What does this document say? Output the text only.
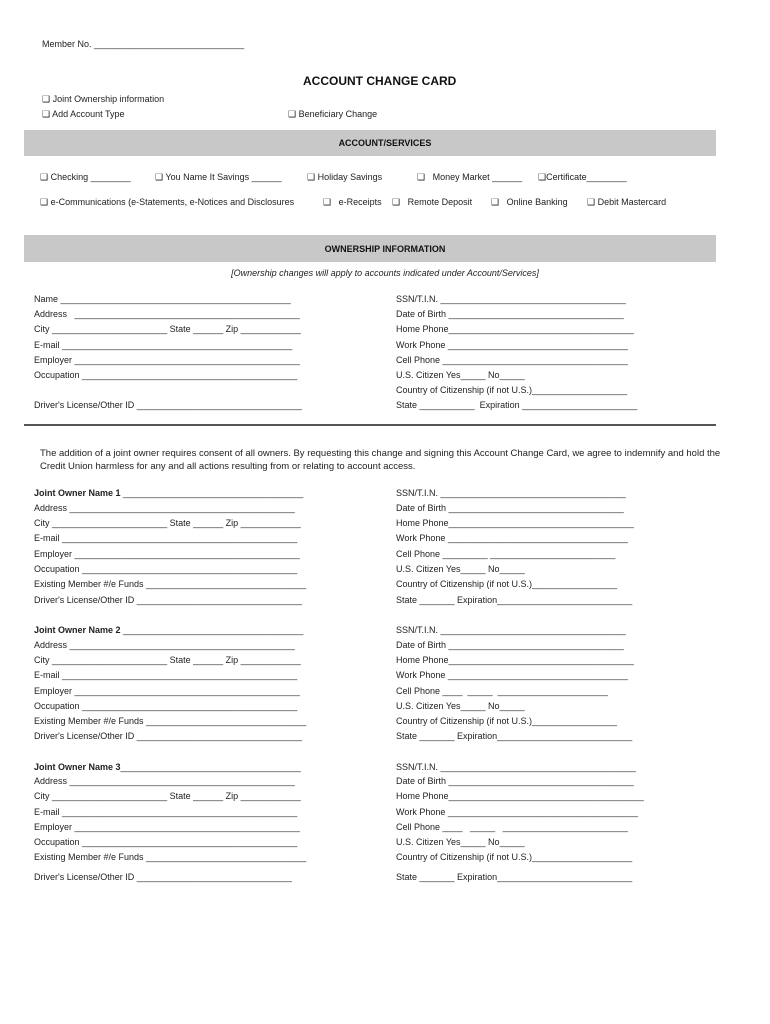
Member No. ______________________________
ACCOUNT CHANGE CARD
❑ Joint Ownership information
❑ Add Account Type	❑ Beneficiary Change
ACCOUNT/SERVICES
❑ Checking ________	❑ You Name It Savings ______	❑ Holiday Savings	❑   Money Market ______ ❑Certificate________
❑ e-Communications (e-Statements, e-Notices and Disclosures	❑   e-Receipts ❑   Remote Deposit ❑   Online Banking ❑ Debit Mastercard
OWNERSHIP INFORMATION
[Ownership changes will apply to accounts indicated under Account/Services]
Name ______________________________________________
Address   _____________________________________________
City _______________________ State ______ Zip ____________
E-mail ______________________________________________
Employer _____________________________________________
Occupation ___________________________________________
Driver's License/Other ID _________________________________
SSN/T.I.N. _____________________________________
Date of Birth ___________________________________
Home Phone_____________________________________
Work Phone ____________________________________
Cell Phone _____________________________________
U.S. Citizen Yes_____ No_____
Country of Citizenship (if not U.S.)___________________
State ___________  Expiration _______________________
The addition of a joint owner requires consent of all owners. By requesting this change and signing this Account Change Card, we agree to indemnify and hold the Credit Union harmless for any and all actions resulting from or relating to account access.
Joint Owner Name 1 ____________________________________
Address _____________________________________________
City _______________________ State ______ Zip ____________
E-mail _______________________________________________
Employer _____________________________________________
Occupation ___________________________________________
Existing Member #/e Funds ________________________________
Driver's License/Other ID _________________________________
SSN/T.I.N. _____________________________________
Date of Birth ___________________________________
Home Phone_____________________________________
Work Phone ____________________________________
Cell Phone _________ _________________________
U.S. Citizen Yes_____ No_____
Country of Citizenship (if not U.S.)_________________
State _______ Expiration___________________________
Joint Owner Name 2 ____________________________________
Address _____________________________________________
City _______________________ State ______ Zip ____________
E-mail _______________________________________________
Employer _____________________________________________
Occupation ___________________________________________
Existing Member #/e Funds ________________________________
Driver's License/Other ID _________________________________
SSN/T.I.N. _____________________________________
Date of Birth ___________________________________
Home Phone_____________________________________
Work Phone ____________________________________
Cell Phone ____  _____  ______________________
U.S. Citizen Yes_____ No_____
Country of Citizenship (if not U.S.)_________________
State _______ Expiration___________________________
Joint Owner Name 3____________________________________
Address _____________________________________________
City _______________________ State ______ Zip ____________
E-mail _______________________________________________
Employer _____________________________________________
Occupation ___________________________________________
Existing Member #/e Funds ________________________________
Driver's License/Other ID _______________________________
SSN/T.I.N. _______________________________________
Date of Birth _____________________________________
Home Phone_______________________________________
Work Phone ______________________________________
Cell Phone ____   _____   _________________________
U.S. Citizen Yes_____ No_____
Country of Citizenship (if not U.S.)____________________
State _______ Expiration___________________________
